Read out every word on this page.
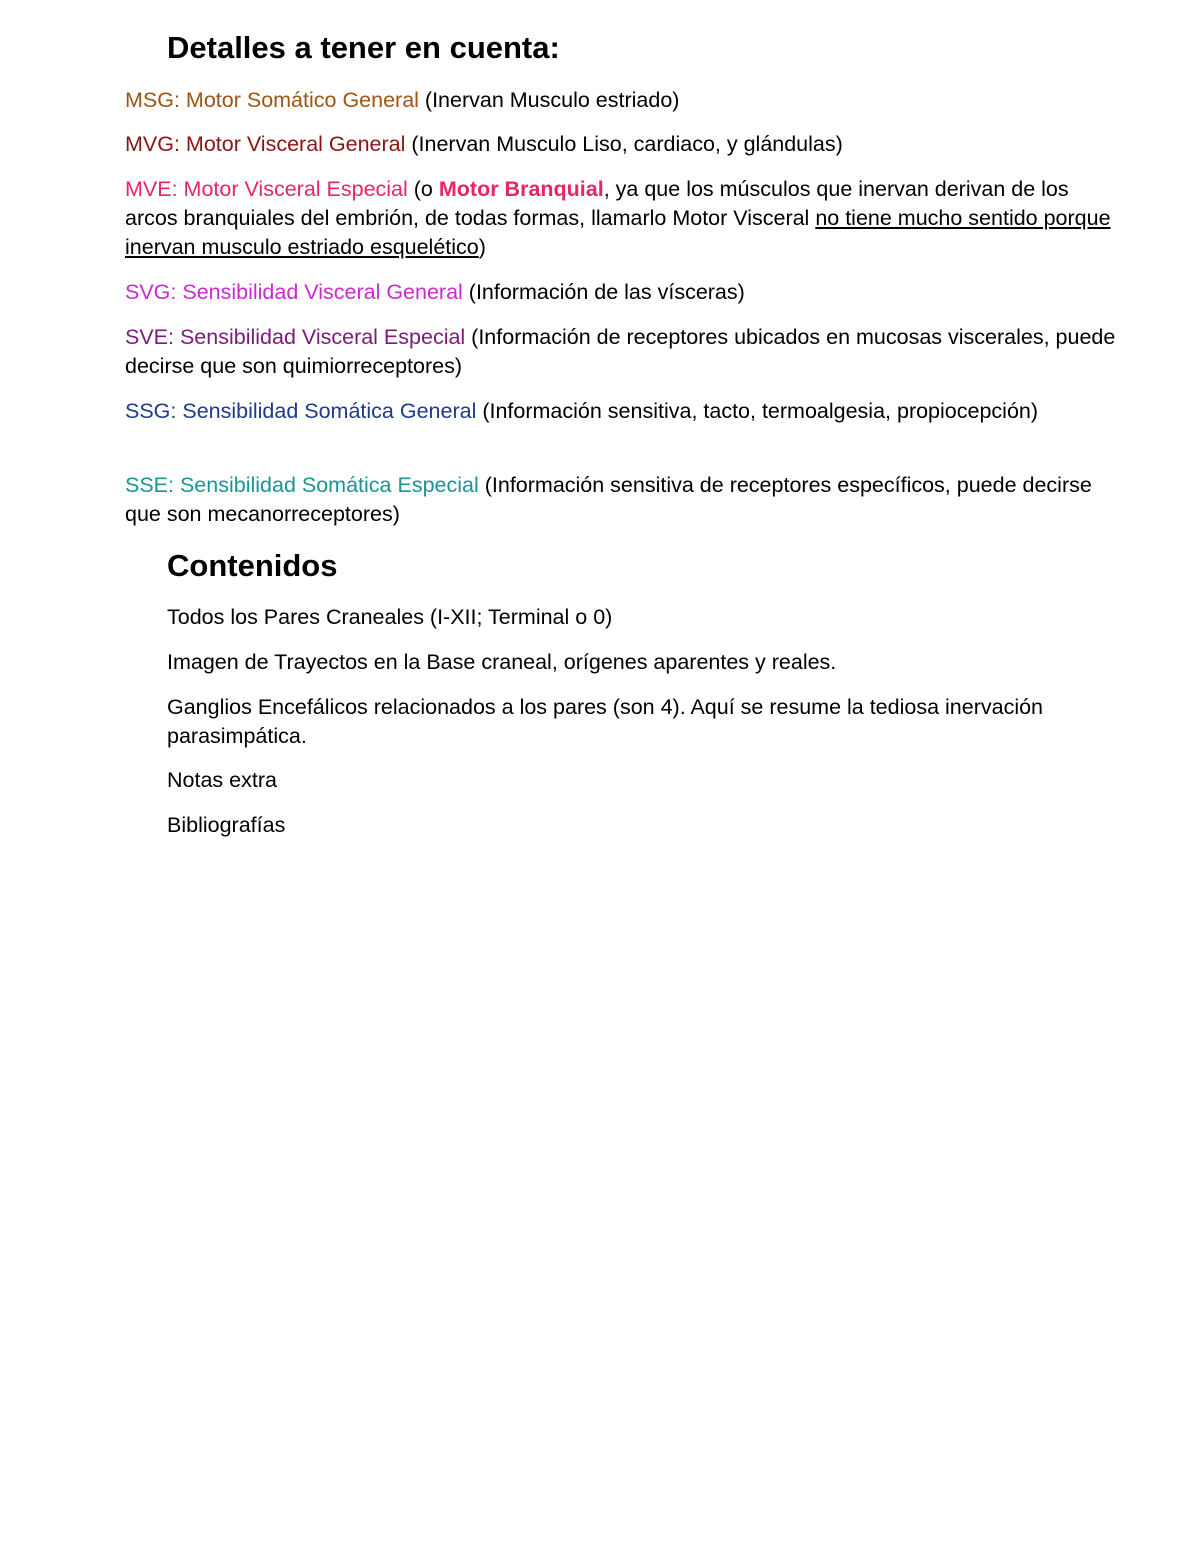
Detalles a tener en cuenta:

MSG: Motor Somático General (Inervan Musculo estriado)

MVG: Motor Visceral General (Inervan Musculo Liso, cardiaco, y glándulas)

MVE: Motor Visceral Especial (o Motor Branquial, ya que los músculos que inervan derivan de los arcos branquiales del embrión, de todas formas, llamarlo Motor Visceral no tiene mucho sentido porque inervan musculo estriado esquelético)

SVG: Sensibilidad Visceral General (Información de las vísceras)

SVE: Sensibilidad Visceral Especial (Información de receptores ubicados en mucosas viscerales, puede decirse que son quimiorreceptores)

SSG: Sensibilidad Somática General (Información sensitiva, tacto, termoalgesia, propiocepción)

SSE: Sensibilidad Somática Especial (Información sensitiva de receptores específicos, puede decirse que son mecanorreceptores)

Contenidos

Todos los Pares Craneales (I-XII; Terminal o 0)

Imagen de Trayectos en la Base craneal, orígenes aparentes y reales.

Ganglios Encefálicos relacionados a los pares (son 4). Aquí se resume la tediosa inervación parasimpática.

Notas extra

Bibliografías
